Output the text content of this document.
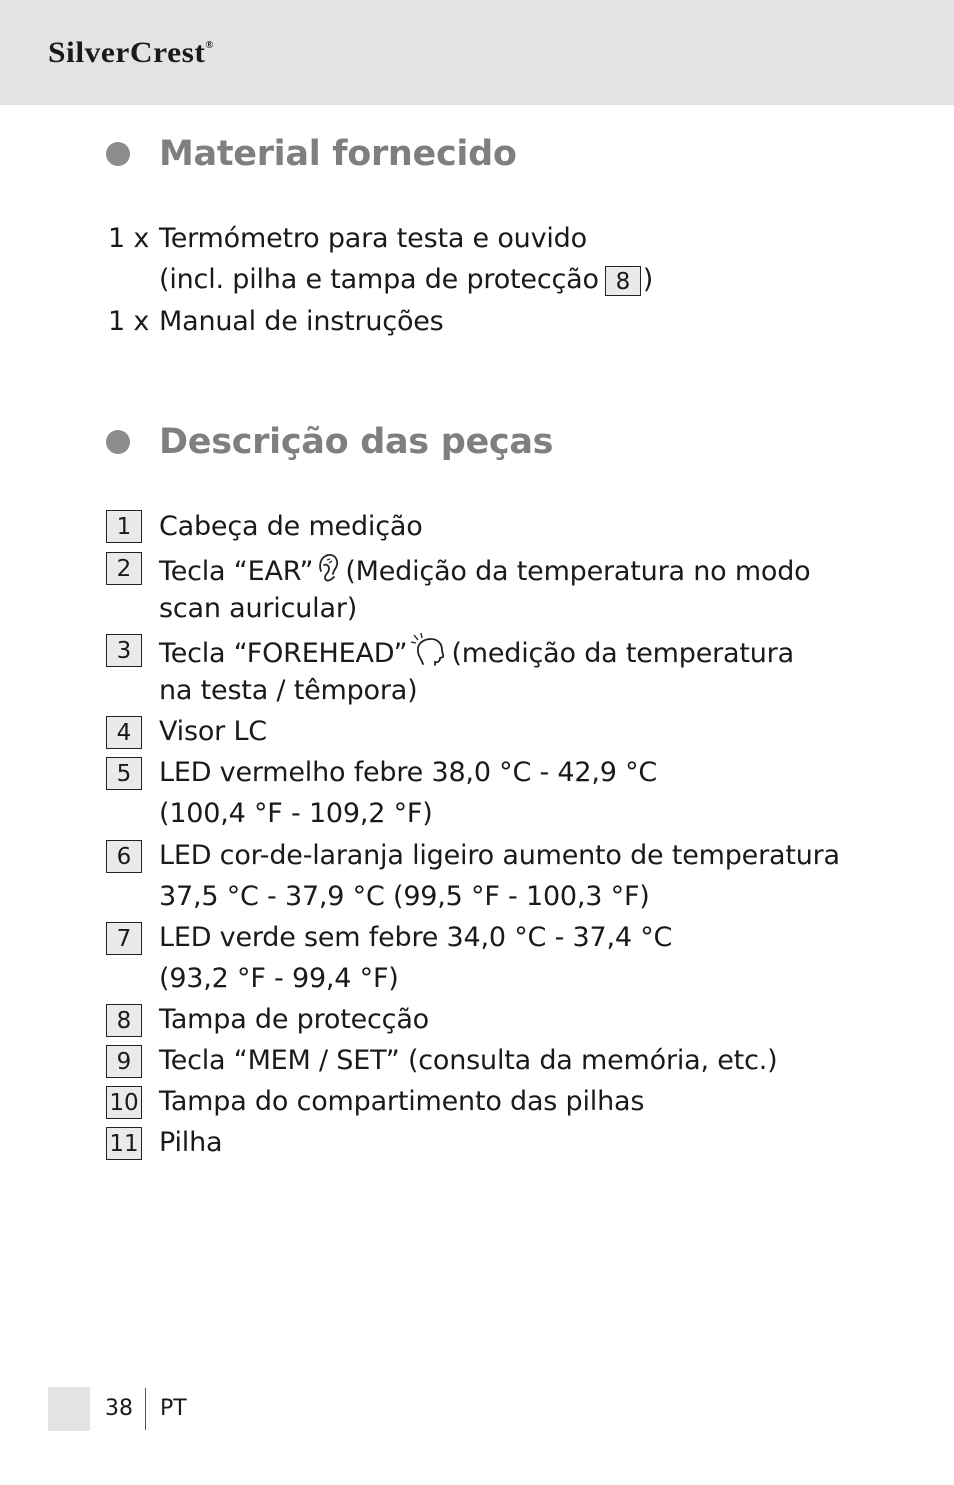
SilverCrest®
Material fornecido
1 x Termómetro para testa e ouvido
(incl. pilha e tampa de protecção 8 )
1 x Manual de instruções
Descrição das peças
1	Cabeça de medição
2	Tecla “EAR” (Medição da temperatura no modo
scan auricular)
3	Tecla “FOREHEAD” (medição da temperatura
na testa / têmpora)
4	Visor LC
5	LED vermelho febre 38,0 °C - 42,9 °C
(100,4 °F - 109,2 °F)
6	LED cor-de-laranja ligeiro aumento de temperatura
37,5 °C - 37,9 °C (99,5 °F - 100,3 °F)
7	LED verde sem febre 34,0 °C - 37,4 °C
(93,2 °F - 99,4 °F)
8	Tampa de protecção
9	Tecla “MEM / SET” (consulta da memória, etc.)
10 Tampa do compartimento das pilhas
11 Pilha
38 PT
